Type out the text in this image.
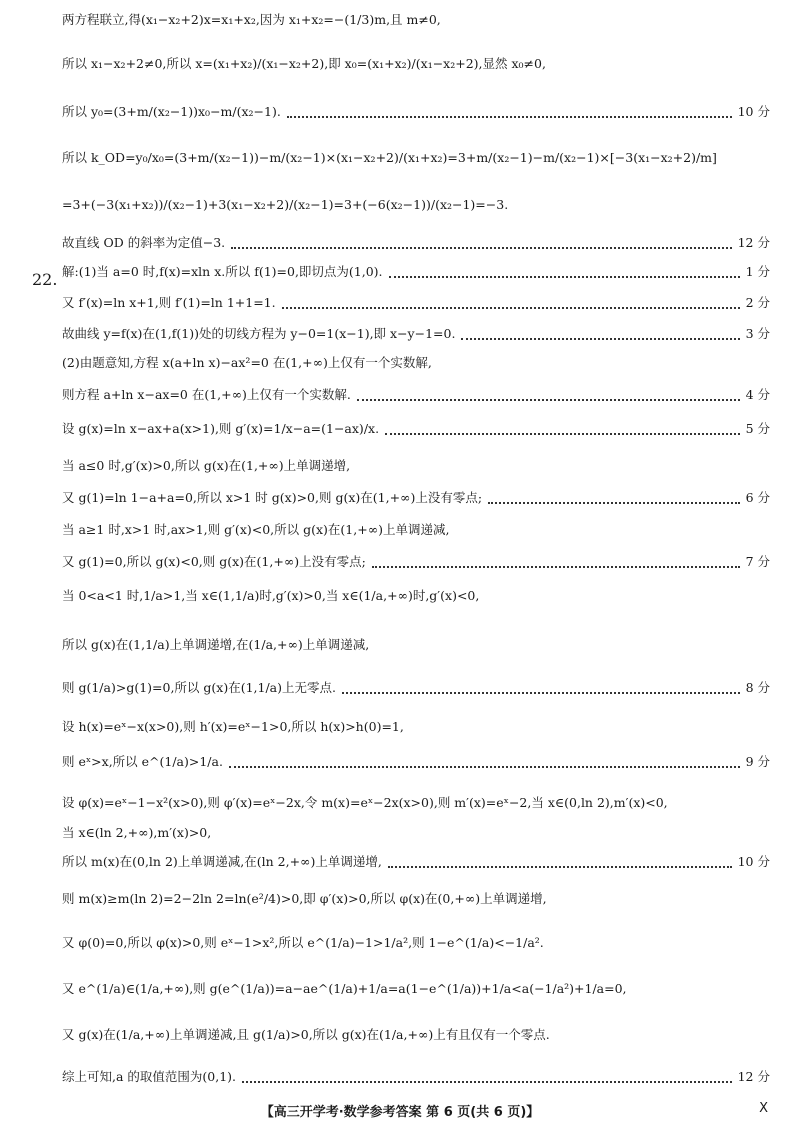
两方程联立,得(x₁−x₂+2)x=x₁+x₂,因为 x₁+x₂=−(1/3)m,且 m≠0,
所以 x₁−x₂+2≠0,所以 x=(x₁+x₂)/(x₁−x₂+2),即 x₀=(x₁+x₂)/(x₁−x₂+2),显然 x₀≠0,
所以 y₀=(3+m/(x₂−1))x₀−m/(x₂−1).	10 分
所以 k_OD=y₀/x₀=(3+m/(x₂−1))−m/(x₂−1)×(x₁−x₂+2)/(x₁+x₂)=3+m/(x₂−1)−m/(x₂−1)×[−3(x₁−x₂+2)/m]
=3+(−3(x₁+x₂))/(x₂−1)+3(x₁−x₂+2)/(x₂−1)=3+(−6(x₂−1))/(x₂−1)=−3.
故直线 OD 的斜率为定值−3.	12 分
解:(1)当 a=0 时,f(x)=xln x.所以 f(1)=0,即切点为(1,0).	1 分
又 f′(x)=ln x+1,则 f′(1)=ln 1+1=1.	2 分
故曲线 y=f(x)在(1,f(1))处的切线方程为 y−0=1(x−1),即 x−y−1=0.	3 分
(2)由题意知,方程 x(a+ln x)−ax²=0 在(1,+∞)上仅有一个实数解,
则方程 a+ln x−ax=0 在(1,+∞)上仅有一个实数解.	4 分
设 g(x)=ln x−ax+a(x>1),则 g′(x)=1/x−a=(1−ax)/x.	5 分
当 a≤0 时,g′(x)>0,所以 g(x)在(1,+∞)上单调递增,
又 g(1)=ln 1−a+a=0,所以 x>1 时 g(x)>0,则 g(x)在(1,+∞)上没有零点;	6 分
当 a≥1 时,x>1 时,ax>1,则 g′(x)<0,所以 g(x)在(1,+∞)上单调递减,
又 g(1)=0,所以 g(x)<0,则 g(x)在(1,+∞)上没有零点;	7 分
当 0<a<1 时,1/a>1,当 x∈(1,1/a)时,g′(x)>0,当 x∈(1/a,+∞)时,g′(x)<0,
所以 g(x)在(1,1/a)上单调递增,在(1/a,+∞)上单调递减,
则 g(1/a)>g(1)=0,所以 g(x)在(1,1/a)上无零点.	8 分
设 h(x)=eˣ−x(x>0),则 h′(x)=eˣ−1>0,所以 h(x)>h(0)=1,
则 eˣ>x,所以 e^(1/a)>1/a.	9 分
设 φ(x)=eˣ−1−x²(x>0),则 φ′(x)=eˣ−2x,令 m(x)=eˣ−2x(x>0),则 m′(x)=eˣ−2,当 x∈(0,ln 2),m′(x)<0,
当 x∈(ln 2,+∞),m′(x)>0,
所以 m(x)在(0,ln 2)上单调递减,在(ln 2,+∞)上单调递增,	10 分
则 m(x)≥m(ln 2)=2−2ln 2=ln(e²/4)>0,即 φ′(x)>0,所以 φ(x)在(0,+∞)上单调递增,
又 φ(0)=0,所以 φ(x)>0,则 eˣ−1>x²,所以 e^(1/a)−1>1/a²,则 1−e^(1/a)<−1/a².
又 e^(1/a)∈(1/a,+∞),则 g(e^(1/a))=a−ae^(1/a)+1/a=a(1−e^(1/a))+1/a<a(−1/a²)+1/a=0,
又 g(x)在(1/a,+∞)上单调递减,且 g(1/a)>0,所以 g(x)在(1/a,+∞)上有且仅有一个零点.
综上可知,a 的取值范围为(0,1).	12 分
22.
【高三开学考·数学参考答案 第 6 页(共 6 页)】	X
